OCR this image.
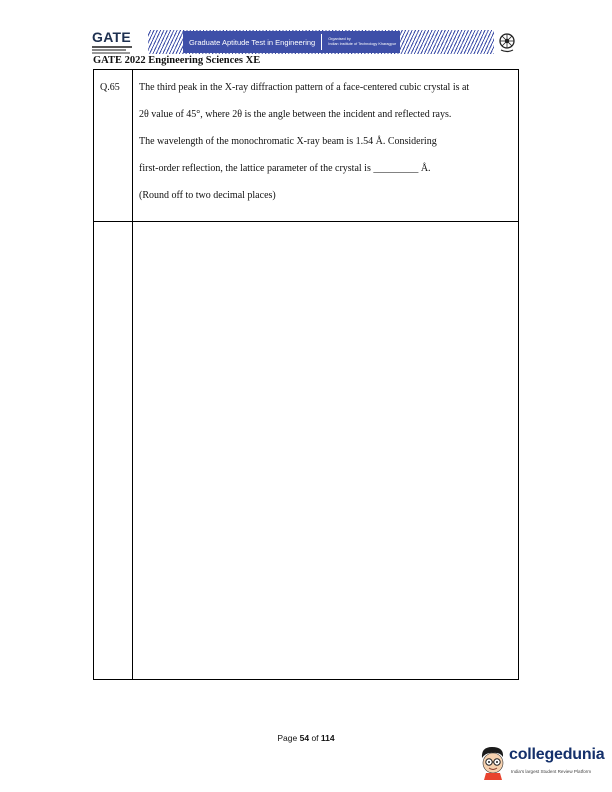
GATE	Graduate Aptitude Test in Engineering	Organised by
Indian Institute of Technology Kharagpur
GATE 2022 Engineering Sciences XE
Q.65 The third peak in the X-ray diffraction pattern of a face-centered cubic crystal is at
2θ value of 45°, where 2θ is the angle between the incident and reflected rays.
The wavelength of the monochromatic X-ray beam is 1.54 Å. Considering
first-order reflection, the lattice parameter of the crystal is _________ Å.
(Round off to two decimal places)
Page 54 of 114
collegedunia
India's largest Student Review Platform
